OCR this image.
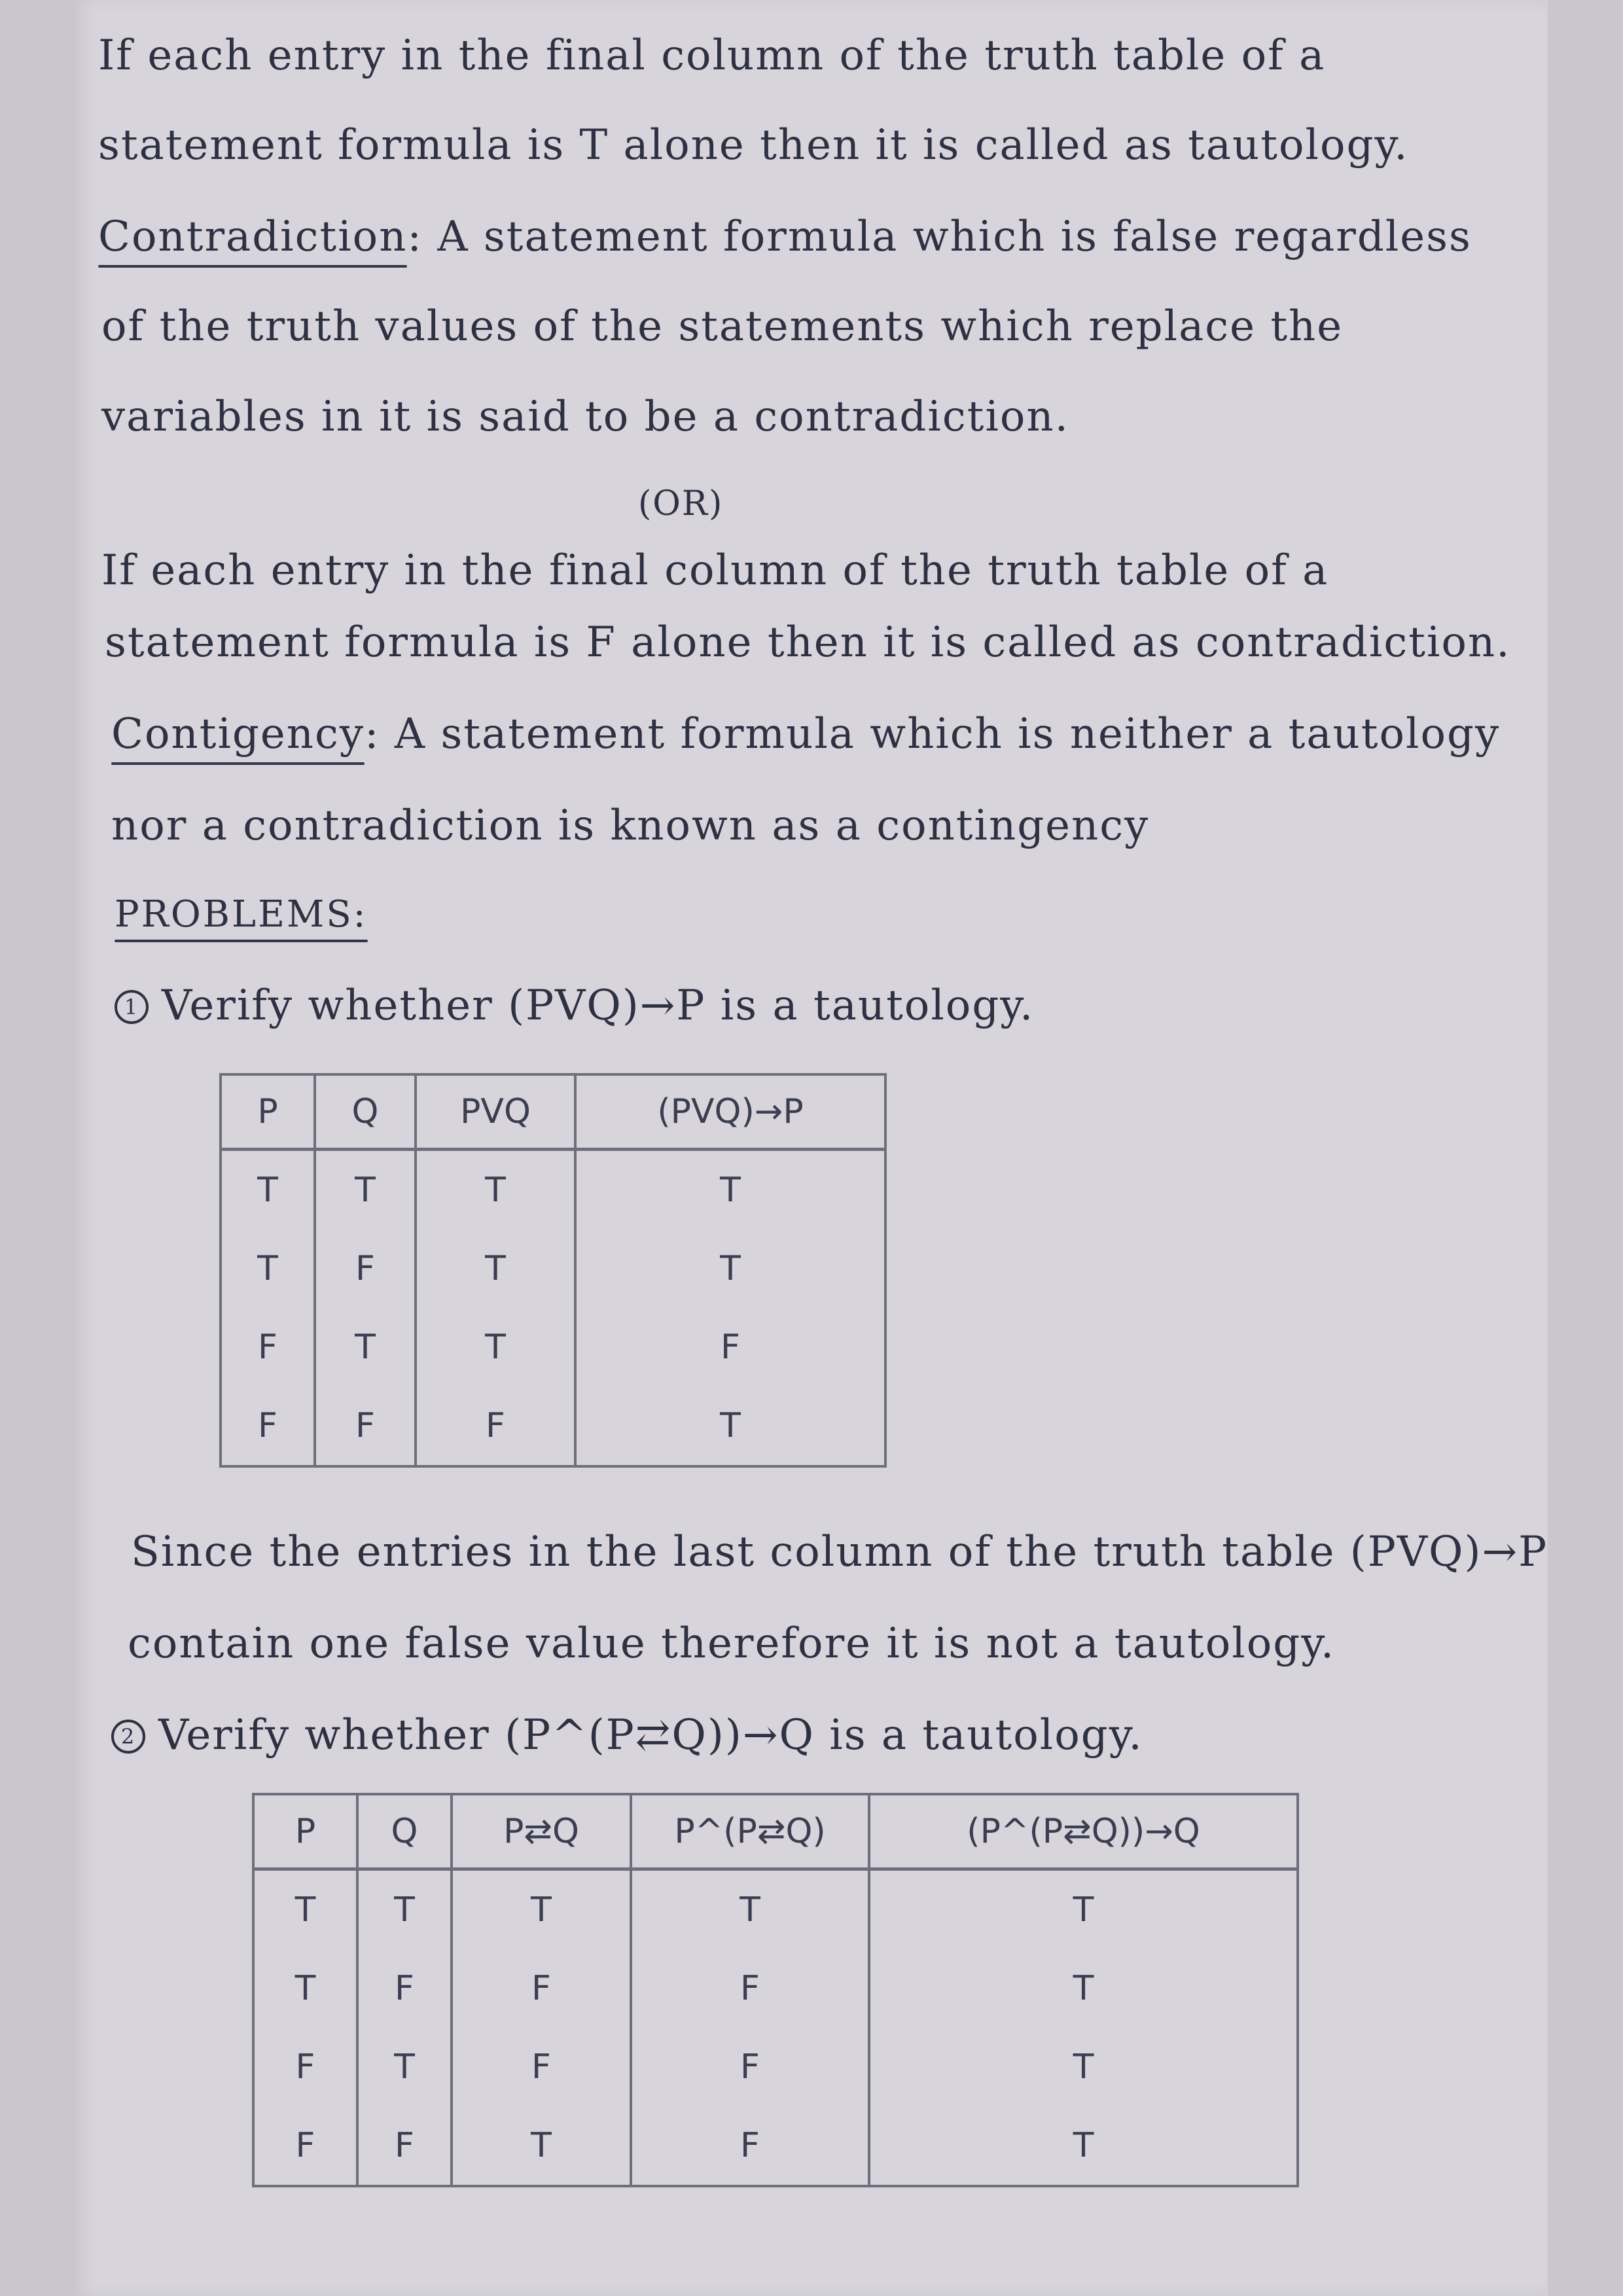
If each entry in the final column of the truth table of a
statement formula is T alone then it is called as tautology.
Contradiction: A statement formula which is false regardless
of the truth values of the statements which replace the
variables in it is said to be a contradiction.
(OR)
If each entry in the final column of the truth table of a
statement formula is F alone then it is called as contradiction.
Contigency: A statement formula which is neither a tautology
nor a contradiction is known as a contingency
PROBLEMS:
1 Verify whether (PVQ)→P is a tautology.
P	Q	PVQ	(PVQ)→P
T	T	T	T
T	F	T	T
F	T	T	F
F	F	F	T
Since the entries in the last column of the truth table (PVQ)→P
contain one false value therefore it is not a tautology.
2 Verify whether (P^(P⇄Q))→Q is a tautology.
P	Q	P⇄Q	P^(P⇄Q)	(P^(P⇄Q))→Q
T	T	T	T	T
T	F	F	F	T
F	T	F	F	T
F	F	T	F	T
